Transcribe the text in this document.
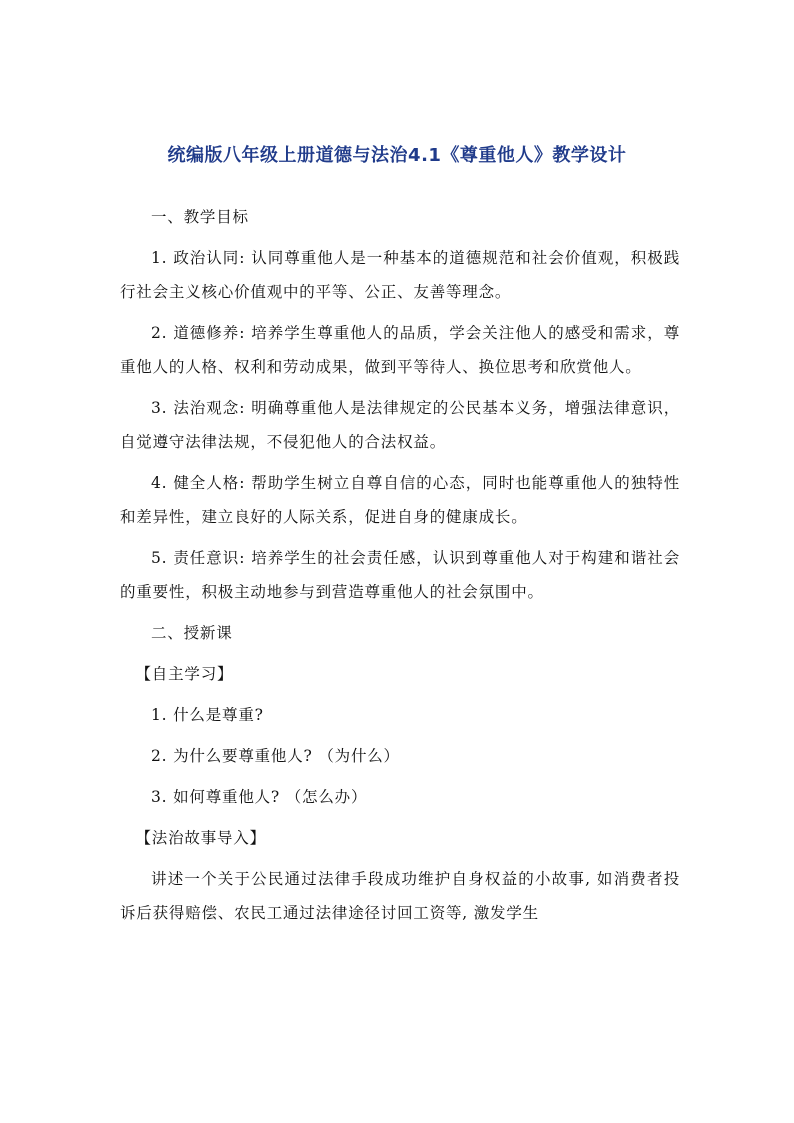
统编版八年级上册道德与法治4.1《尊重他人》教学设计

一、教学目标

1. 政治认同: 认同尊重他人是一种基本的道德规范和社会价值观，积极践行社会主义核心价值观中的平等、公正、友善等理念。

2. 道德修养: 培养学生尊重他人的品质，学会关注他人的感受和需求，尊重他人的人格、权利和劳动成果，做到平等待人、换位思考和欣赏他人。

3. 法治观念: 明确尊重他人是法律规定的公民基本义务，增强法律意识，自觉遵守法律法规，不侵犯他人的合法权益。

4. 健全人格: 帮助学生树立自尊自信的心态，同时也能尊重他人的独特性和差异性，建立良好的人际关系，促进自身的健康成长。

5. 责任意识: 培养学生的社会责任感，认识到尊重他人对于构建和谐社会的重要性，积极主动地参与到营造尊重他人的社会氛围中。

二、授新课

【自主学习】

1. 什么是尊重?

2. 为什么要尊重他人? （为什么）

3. 如何尊重他人? （怎么办）

【法治故事导入】

讲述一个关于公民通过法律手段成功维护自身权益的小故事, 如消费者投诉后获得赔偿、农民工通过法律途径讨回工资等, 激发学生
